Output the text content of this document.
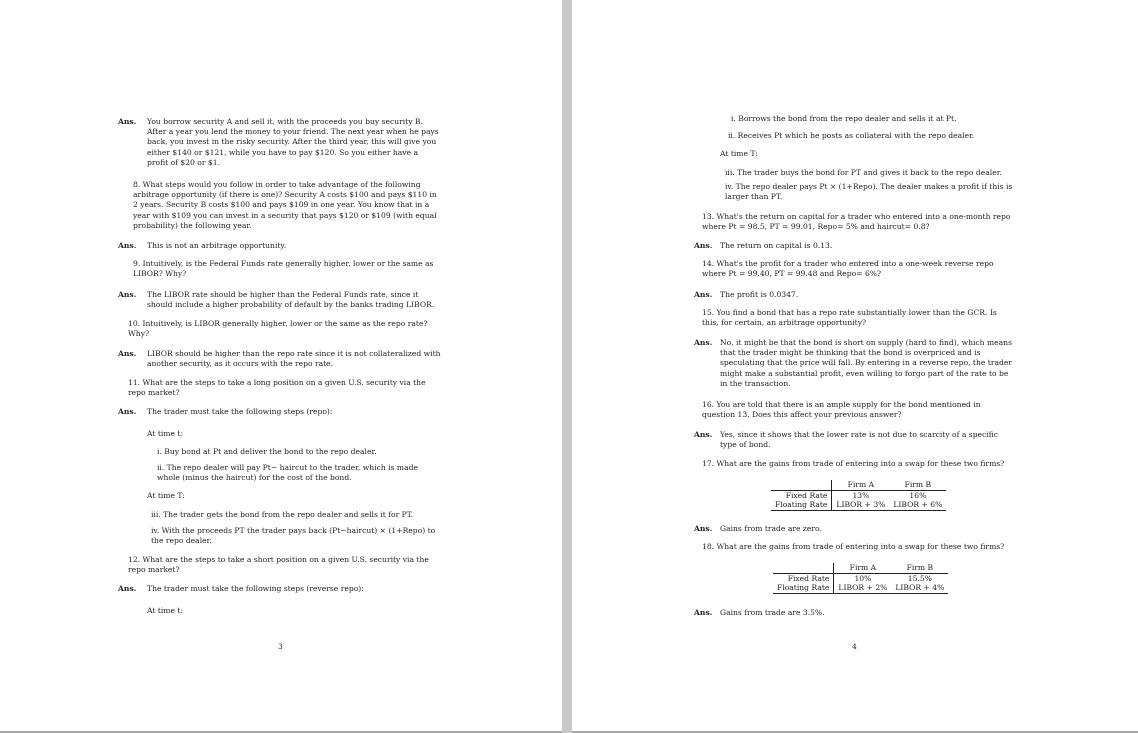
Ans. You borrow security A and sell it, with the proceeds you buy security B. After a year you lend the money to your friend. The next year when he pays back, you invest in the risky security. After the third year, this will give you either $140 or $121, while you have to pay $120. So you either have a profit of $20 or $1.

8. What steps would you follow in order to take advantage of the following arbitrage opportunity (if there is one)? Security A costs $100 and pays $110 in 2 years. Security B costs $100 and pays $109 in one year. You know that in a year with $109 you can invest in a security that pays $120 or $109 (with equal probability) the following year.

Ans. This is not an arbitrage opportunity.

9. Intuitively, is the Federal Funds rate generally higher, lower or the same as LIBOR? Why?

Ans. The LIBOR rate should be higher than the Federal Funds rate, since it should include a higher probability of default by the banks trading LIBOR.

10. Intuitively, is LIBOR generally higher, lower or the same as the repo rate? Why?

Ans. LIBOR should be higher than the repo rate since it is not collateralized with another security, as it occurs with the repo rate.

11. What are the steps to take a long position on a given U.S. security via the repo market?

Ans. The trader must take the following steps (repo):

At time t:

i. Buy bond at Pt and deliver the bond to the repo dealer.

ii. The repo dealer will pay Pt− haircut to the trader, which is made whole (minus the haircut) for the cost of the bond.

At time T:

iii. The trader gets the bond from the repo dealer and sells it for PT.

iv. With the proceeds PT the trader pays back (Pt−haircut) × (1+Repo) to the repo dealer.

12. What are the steps to take a short position on a given U.S. security via the repo market?

Ans. The trader must take the following steps (reverse repo):

At time t:

3

i. Borrows the bond from the repo dealer and sells it at Pt.

ii. Receives Pt which he posts as collateral with the repo dealer.

At time T:

iii. The trader buys the bond for PT and gives it back to the repo dealer.

iv. The repo dealer pays Pt × (1+Repo). The dealer makes a profit if this is larger than PT.

13. What's the return on capital for a trader who entered into a one-month repo where Pt = 98.5, PT = 99.01, Repo= 5% and haircut= 0.8?

Ans. The return on capital is 0.13.

14. What's the profit for a trader who entered into a one-week reverse repo where Pt = 99.40, PT = 99.48 and Repo= 6%?

Ans. The profit is 0.0347.

15. You find a bond that has a repo rate substantially lower than the GCR. Is this, for certain, an arbitrage opportunity?

Ans. No, it might be that the bond is short on supply (hard to find), which means that the trader might be thinking that the bond is overpriced and is speculating that the price will fall. By entering in a reverse repo, the trader might make a substantial profit, even willing to forgo part of the rate to be in the transaction.

16. You are told that there is an ample supply for the bond mentioned in question 13. Does this affect your previous answer?

Ans. Yes, since it shows that the lower rate is not due to scarcity of a specific type of bond.

17. What are the gains from trade of entering into a swap for these two firms?

	Firm A	Firm B
Fixed Rate	13%	16%
Floating Rate	LIBOR + 3%	LIBOR + 6%
Ans. Gains from trade are zero.

18. What are the gains from trade of entering into a swap for these two firms?

	Firm A	Firm B
Fixed Rate	10%	15.5%
Floating Rate	LIBOR + 2%	LIBOR + 4%
Ans. Gains from trade are 3.5%.

4
